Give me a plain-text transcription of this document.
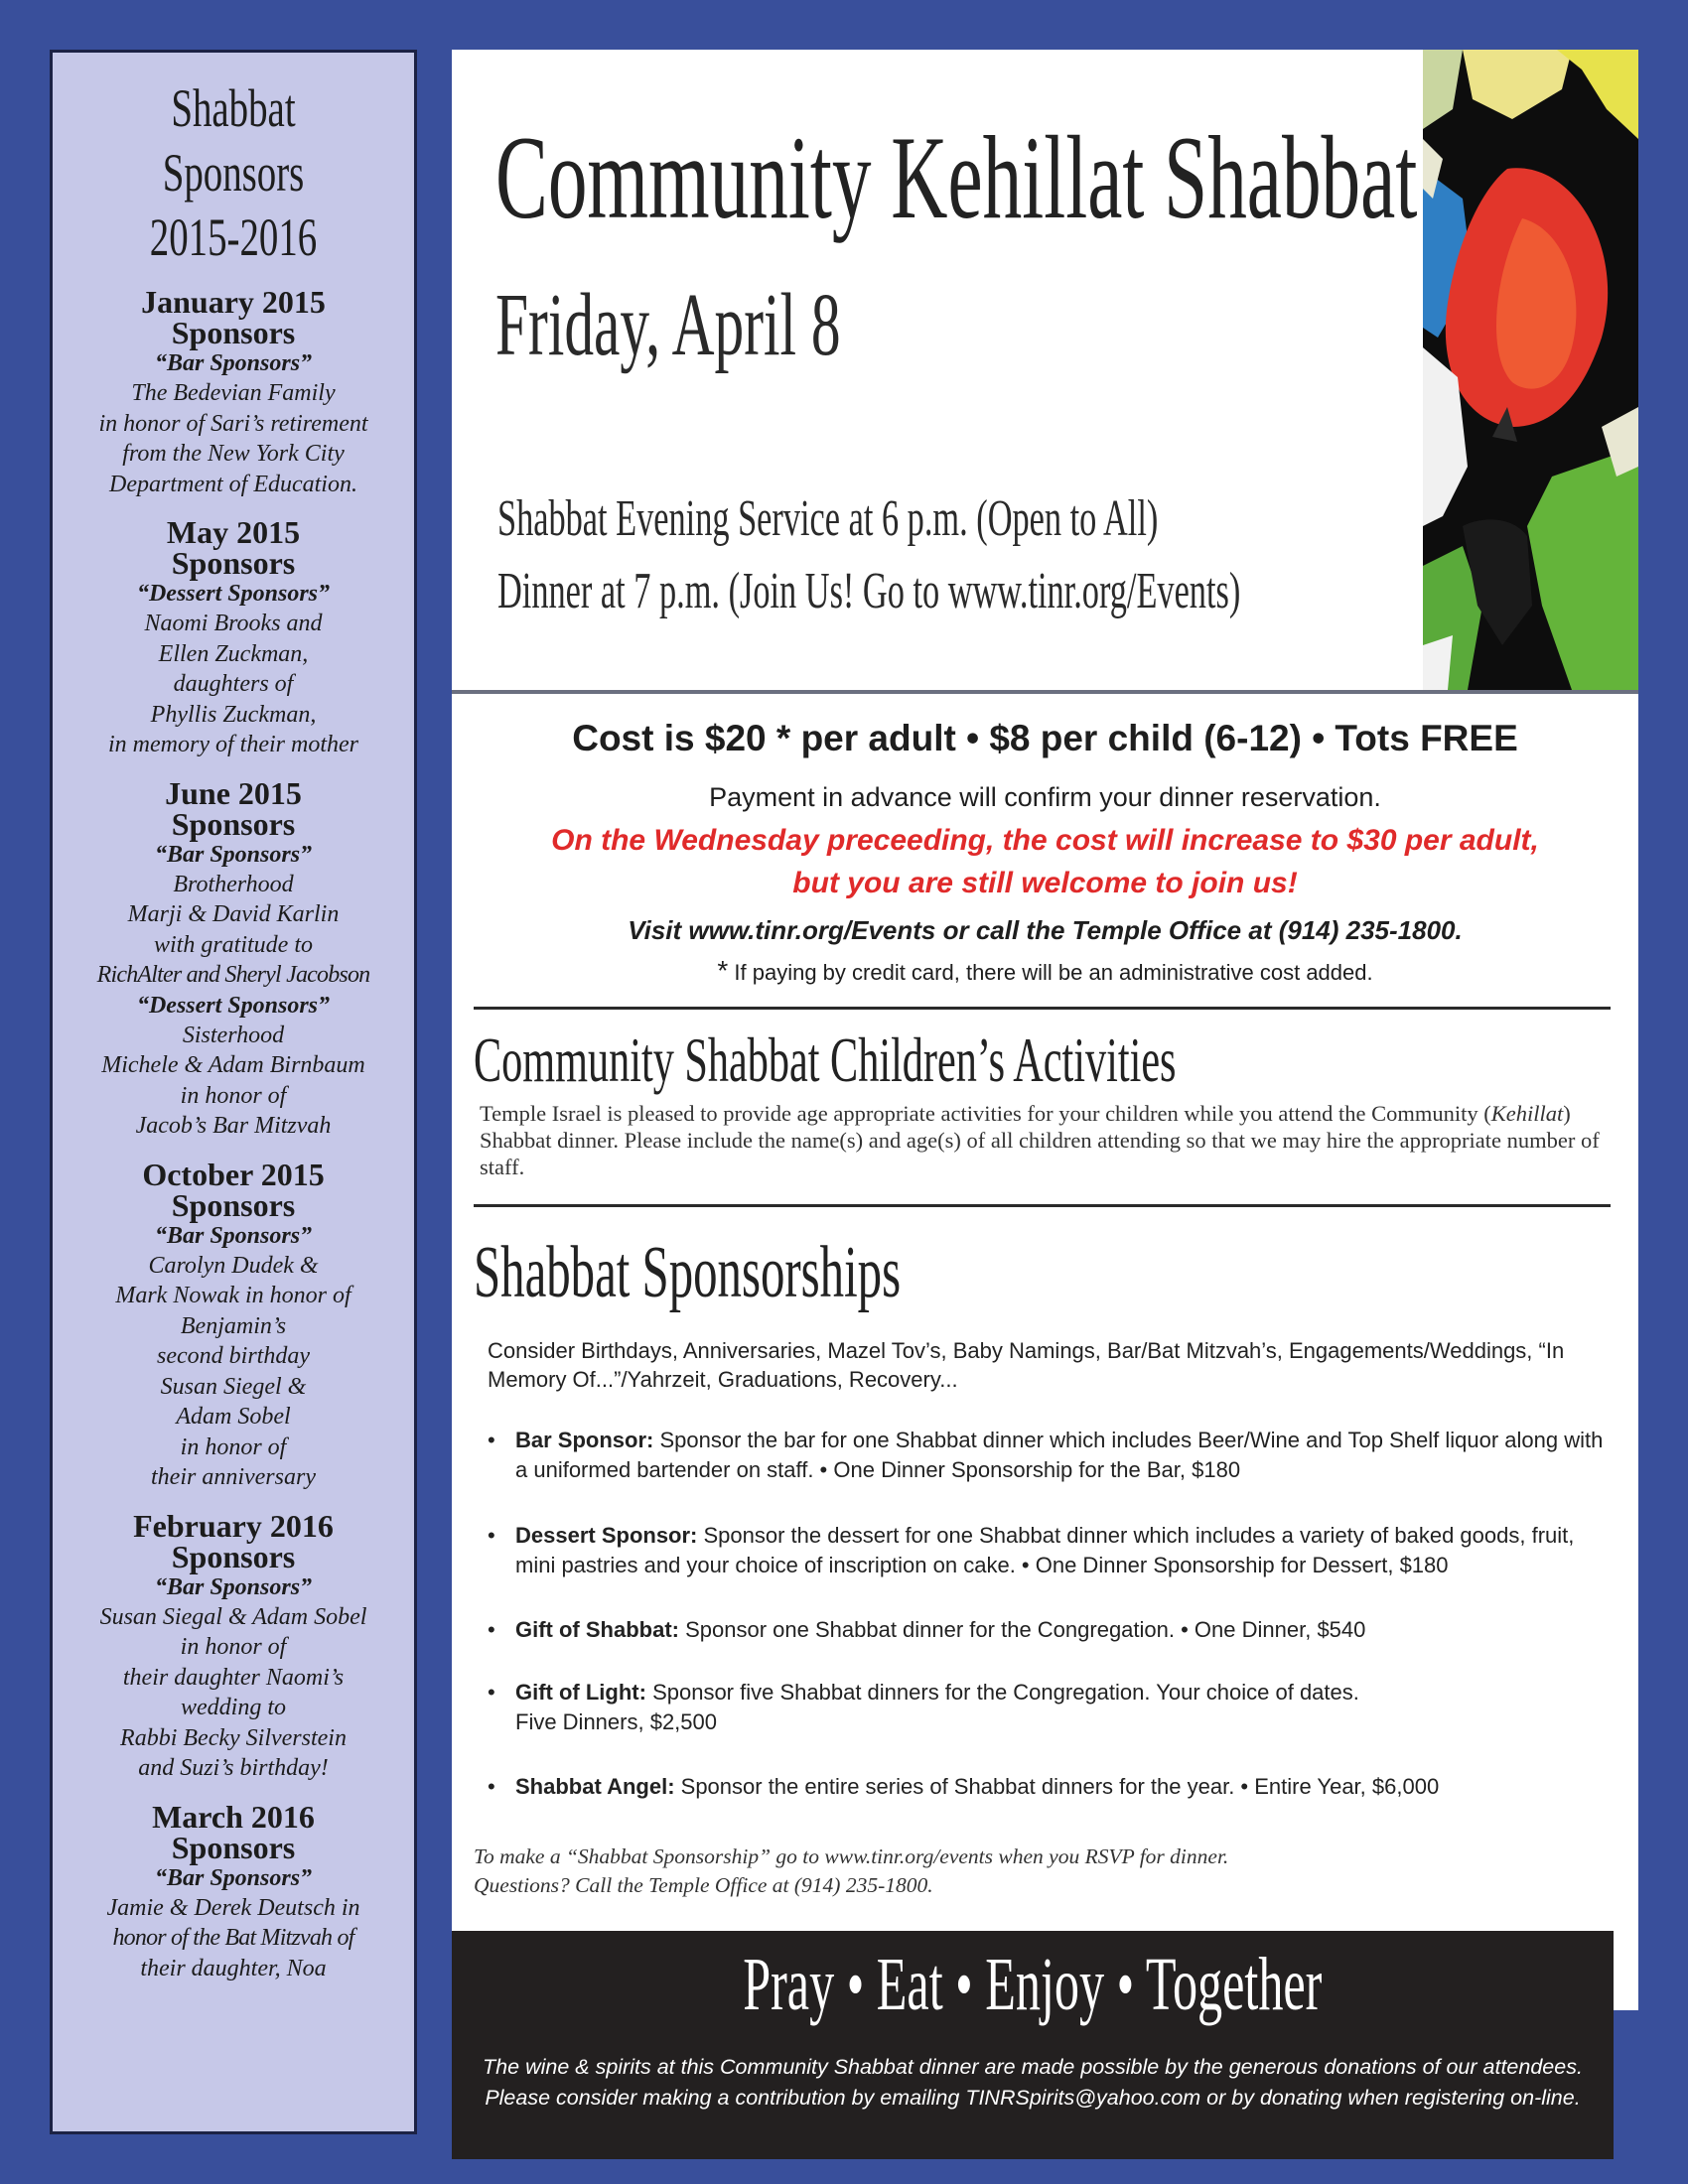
Shabbat Sponsors
2015-2016
January 2015
Sponsors
“Bar Sponsors”
The Bedevian Family
in honor of Sari’s retirement
from the New York City
Department of Education.
May 2015
Sponsors
“Dessert Sponsors”
Naomi Brooks and
Ellen Zuckman,
daughters of
Phyllis Zuckman,
in memory of their mother
June 2015
Sponsors
“Bar Sponsors”
Brotherhood
Marji & David Karlin
with gratitude to
RichAlter and Sheryl Jacobson
“Dessert Sponsors”
Sisterhood
Michele & Adam Birnbaum
in honor of
Jacob’s Bar Mitzvah
October 2015
Sponsors
“Bar Sponsors”
Carolyn Dudek &
Mark Nowak in honor of
Benjamin’s
second birthday
Susan Siegel &
Adam Sobel
in honor of
their anniversary
February 2016
Sponsors
“Bar Sponsors”
Susan Siegal & Adam Sobel
in honor of
their daughter Naomi’s
wedding to
Rabbi Becky Silverstein
and Suzi’s birthday!
March 2016
Sponsors
“Bar Sponsors”
Jamie & Derek Deutsch in
honor of the Bat Mitzvah of
their daughter, Noa
Community Kehillat Shabbat
Friday, April 8
Shabbat Evening Service at 6 p.m. (Open to All)
Dinner at 7 p.m. (Join Us! Go to www.tinr.org/Events)
Cost is $20 * per adult • $8 per child (6-12) • Tots FREE
Payment in advance will confirm your dinner reservation.
On the Wednesday preceeding, the cost will increase to $30 per adult,
but you are still welcome to join us!
Visit www.tinr.org/Events or call the Temple Office at (914) 235-1800.
* If paying by credit card, there will be an administrative cost added.
Community Shabbat Children’s Activities
Temple Israel is pleased to provide age appropriate activities for your children while you attend the Community (Kehillat) Shabbat dinner. Please include the name(s) and age(s) of all children attending so that we may hire the appropriate number of staff.
Shabbat Sponsorships
Consider Birthdays, Anniversaries, Mazel Tov’s, Baby Namings, Bar/Bat Mitzvah’s, Engagements/Weddings, “In Memory Of...”/Yahrzeit, Graduations, Recovery...
• Bar Sponsor: Sponsor the bar for one Shabbat dinner which includes Beer/Wine and Top Shelf liquor along with a uniformed bartender on staff. • One Dinner Sponsorship for the Bar, $180
• Dessert Sponsor: Sponsor the dessert for one Shabbat dinner which includes a variety of baked goods, fruit, mini pastries and your choice of inscription on cake. • One Dinner Sponsorship for Dessert, $180
• Gift of Shabbat: Sponsor one Shabbat dinner for the Congregation. • One Dinner, $540
• Gift of Light: Sponsor five Shabbat dinners for the Congregation. Your choice of dates.
Five Dinners, $2,500
• Shabbat Angel: Sponsor the entire series of Shabbat dinners for the year. • Entire Year, $6,000
To make a “Shabbat Sponsorship” go to www.tinr.org/events when you RSVP for dinner.
Questions? Call the Temple Office at (914) 235-1800.
Pray • Eat • Enjoy • Together
The wine & spirits at this Community Shabbat dinner are made possible by the generous donations of our attendees.
Please consider making a contribution by emailing TINRSpirits@yahoo.com or by donating when registering on-line.
